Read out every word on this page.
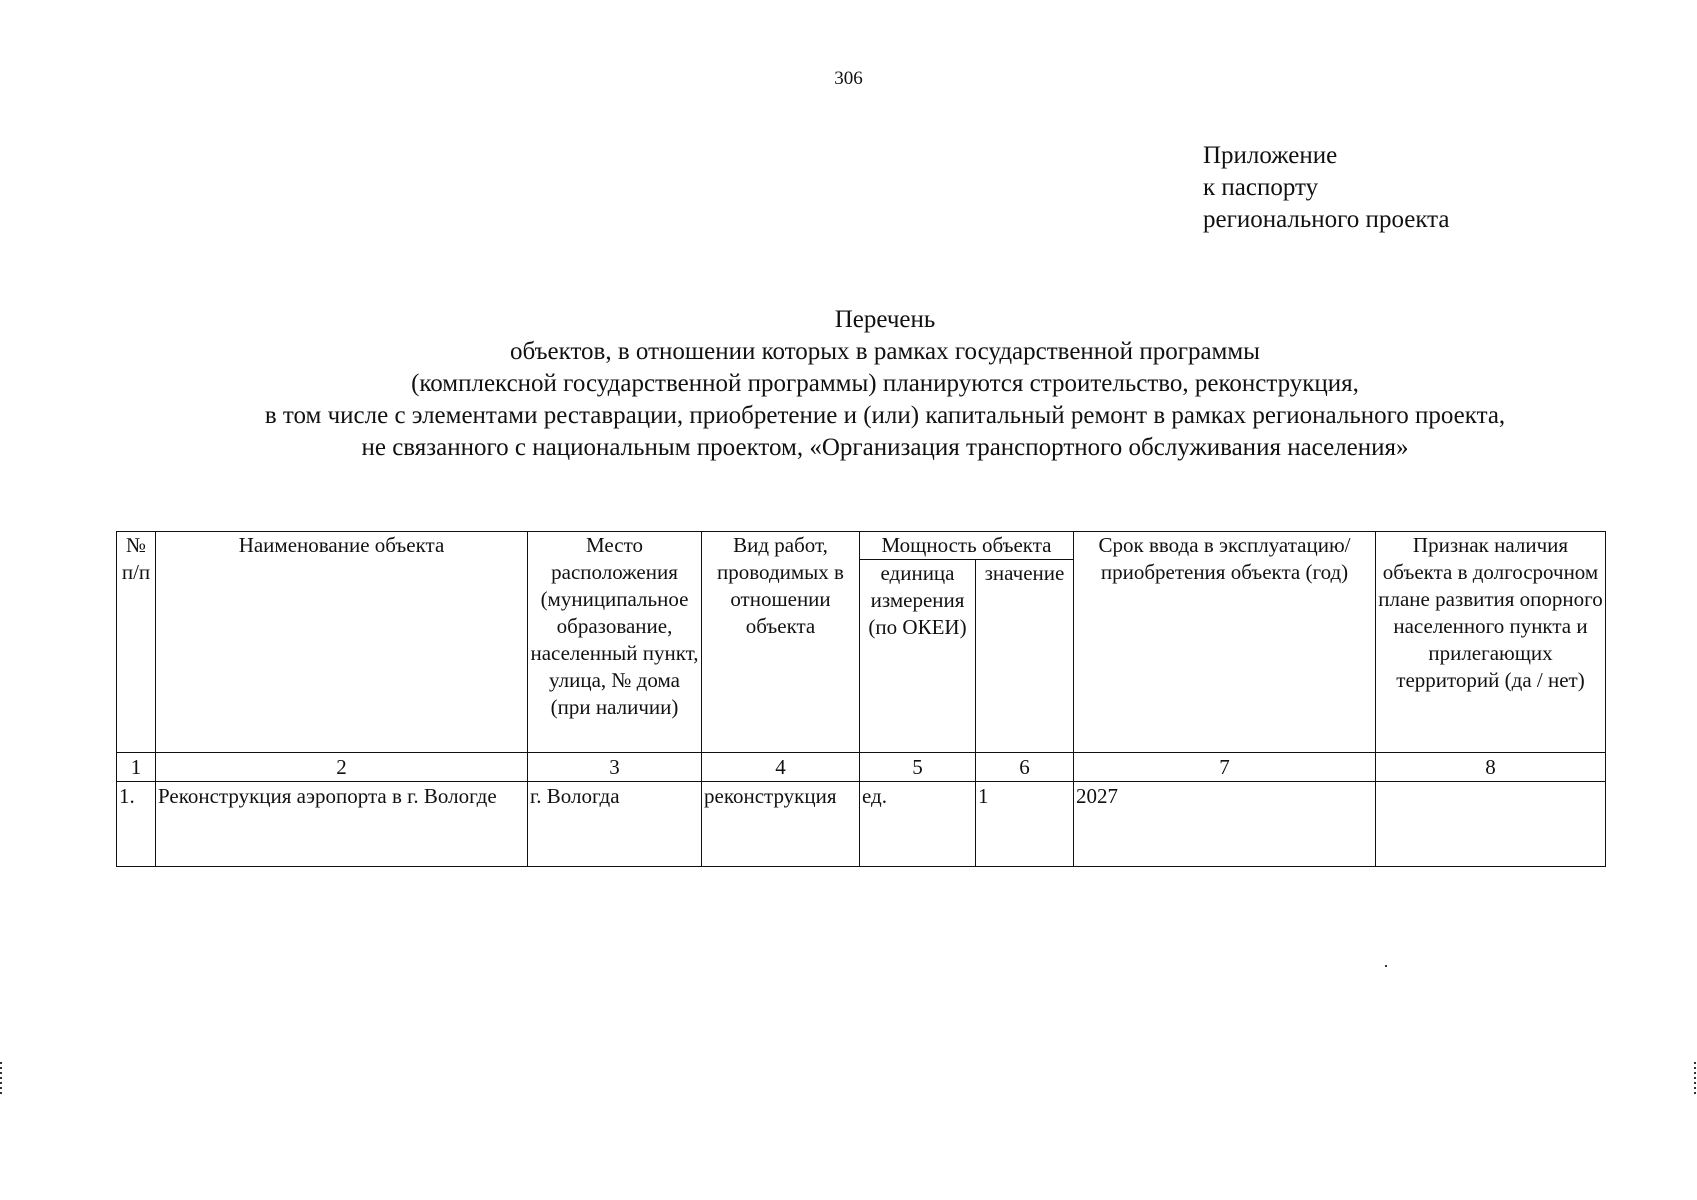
306
Приложение
к паспорту
регионального проекта
Перечень
объектов, в отношении которых в рамках государственной программы
(комплексной государственной программы) планируются строительство, реконструкция,
в том числе с элементами реставрации, приобретение и (или) капитальный ремонт в рамках регионального проекта,
не связанного с национальным проектом, «Организация транспортного обслуживания населения»
№ п/п	Наименование объекта	Место расположения (муниципальное образование, населенный пункт, улица, № дома (при наличии)	Вид работ, проводимых в отношении объекта	Мощность объекта		Срок ввода в эксплуатацию/приобретения объекта (год)	Признак наличия объекта в долгосрочном плане развития опорного населенного пункта и прилегающих территорий (да / нет)
				единица измерения (по ОКЕИ)	значение		
1	2	3	4	5	6	7	8
1.	Реконструкция аэропорта в г. Вологде	г. Вологда	реконструкция	ед.	1	2027	
